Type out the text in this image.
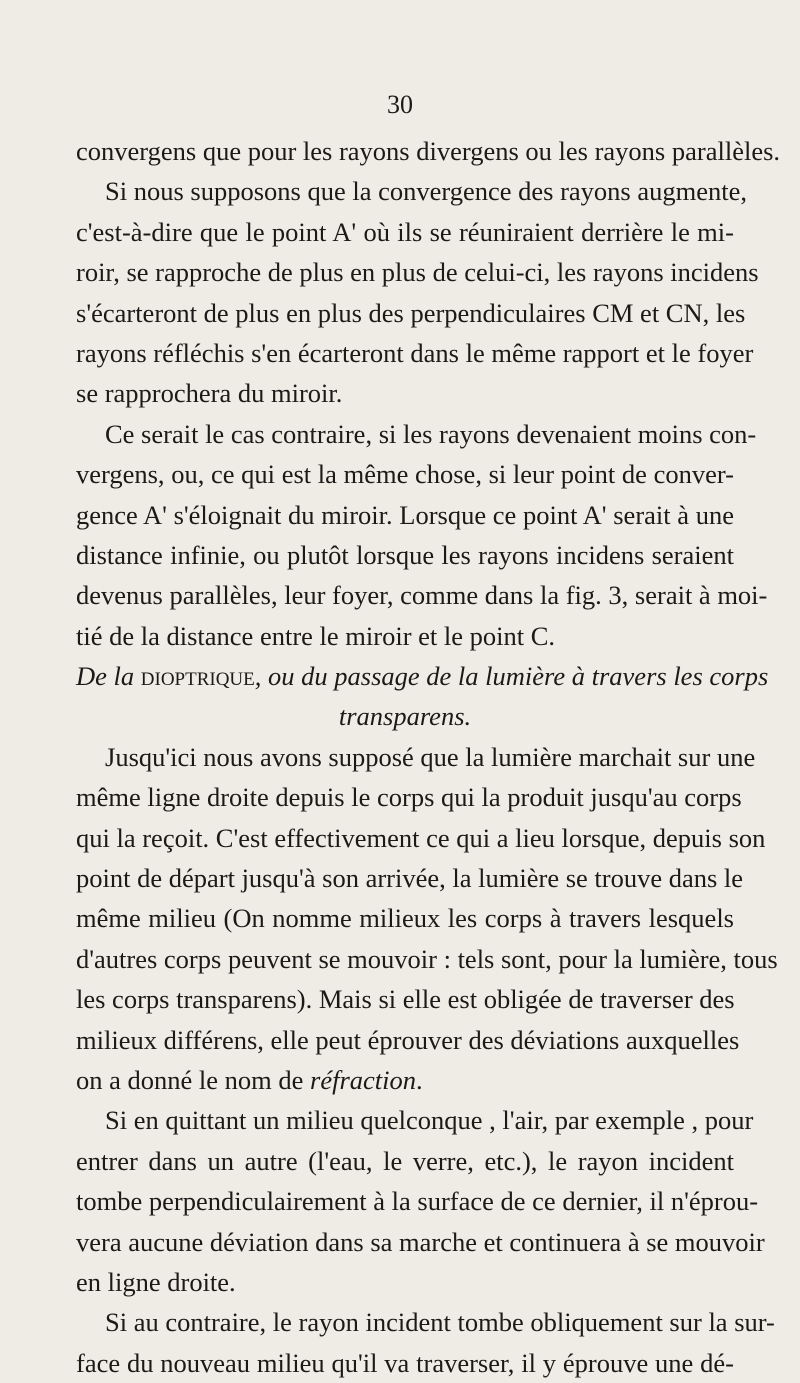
30
convergens que pour les rayons divergens ou les rayons parallèles.
Si nous supposons que la convergence des rayons augmente,
c'est-à-dire que le point A' où ils se réuniraient derrière le mi-
roir, se rapproche de plus en plus de celui-ci, les rayons incidens
s'écarteront de plus en plus des perpendiculaires CM et CN, les
rayons réfléchis s'en écarteront dans le même rapport et le foyer
se rapprochera du miroir.
Ce serait le cas contraire, si les rayons devenaient moins con-
vergens, ou, ce qui est la même chose, si leur point de conver-
gence A' s'éloignait du miroir. Lorsque ce point A' serait à une
distance infinie, ou plutôt lorsque les rayons incidens seraient
devenus parallèles, leur foyer, comme dans la fig. 3, serait à moi-
tié de la distance entre le miroir et le point C.
De la dioptrique, ou du passage de la lumière à travers les corps
transparens.
Jusqu'ici nous avons supposé que la lumière marchait sur une
même ligne droite depuis le corps qui la produit jusqu'au corps
qui la reçoit. C'est effectivement ce qui a lieu lorsque, depuis son
point de départ jusqu'à son arrivée, la lumière se trouve dans le
même milieu (On nomme milieux les corps à travers lesquels
d'autres corps peuvent se mouvoir : tels sont, pour la lumière, tous
les corps transparens). Mais si elle est obligée de traverser des
milieux différens, elle peut éprouver des déviations auxquelles
on a donné le nom de réfraction.
Si en quittant un milieu quelconque , l'air, par exemple , pour
entrer dans un autre (l'eau, le verre, etc.), le rayon incident
tombe perpendiculairement à la surface de ce dernier, il n'éprou-
vera aucune déviation dans sa marche et continuera à se mouvoir
en ligne droite.
Si au contraire, le rayon incident tombe obliquement sur la sur-
face du nouveau milieu qu'il va traverser, il y éprouve une dé-
